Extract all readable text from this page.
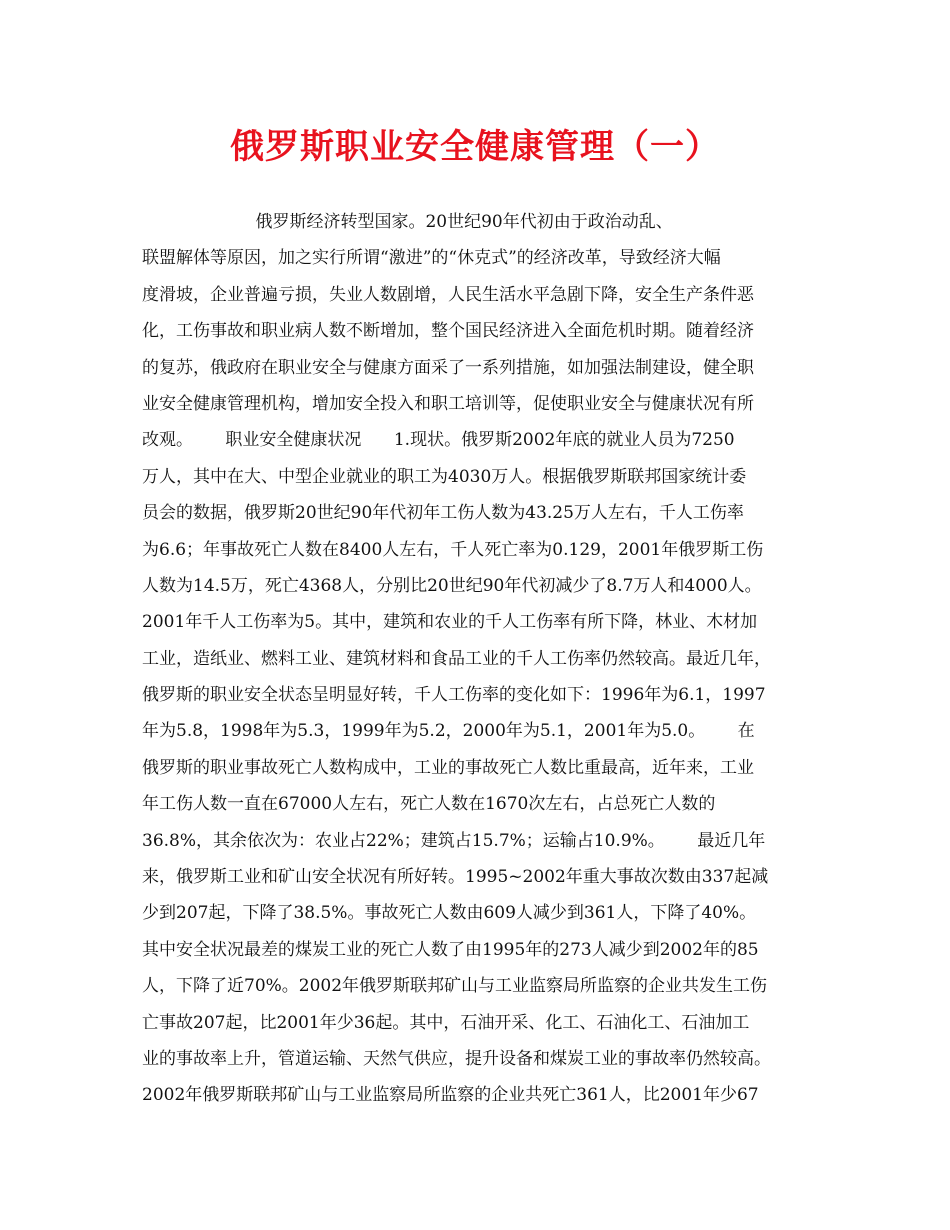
俄罗斯职业安全健康管理（一）
俄罗斯经济转型国家。20世纪90年代初由于政治动乱、
联盟解体等原因，加之实行所谓“激进”的“休克式”的经济改革，导致经济大幅
度滑坡，企业普遍亏损，失业人数剧增，人民生活水平急剧下降，安全生产条件恶
化，工伤事故和职业病人数不断增加，整个国民经济进入全面危机时期。随着经济
的复苏，俄政府在职业安全与健康方面采了一系列措施，如加强法制建设，健全职
业安全健康管理机构，增加安全投入和职工培训等，促使职业安全与健康状况有所
改观。      职业安全健康状况      1.现状。俄罗斯2002年底的就业人员为7250
万人，其中在大、中型企业就业的职工为4030万人。根据俄罗斯联邦国家统计委
员会的数据，俄罗斯20世纪90年代初年工伤人数为43.25万人左右，千人工伤率
为6.6；年事故死亡人数在8400人左右，千人死亡率为0.129，2001年俄罗斯工伤
人数为14.5万，死亡4368人，分别比20世纪90年代初减少了8.7万人和4000人。
2001年千人工伤率为5。其中，建筑和农业的千人工伤率有所下降，林业、木材加
工业，造纸业、燃料工业、建筑材料和食品工业的千人工伤率仍然较高。最近几年，
俄罗斯的职业安全状态呈明显好转，千人工伤率的变化如下：1996年为6.1，1997
年为5.8，1998年为5.3，1999年为5.2，2000年为5.1，2001年为5.0。      在
俄罗斯的职业事故死亡人数构成中，工业的事故死亡人数比重最高，近年来，工业
年工伤人数一直在67000人左右，死亡人数在1670次左右，占总死亡人数的
36.8%，其余依次为：农业占22%；建筑占15.7%；运输占10.9%。      最近几年
来，俄罗斯工业和矿山安全状况有所好转。1995~2002年重大事故次数由337起减
少到207起，下降了38.5%。事故死亡人数由609人减少到361人，下降了40%。
其中安全状况最差的煤炭工业的死亡人数了由1995年的273人减少到2002年的85
人，下降了近70%。2002年俄罗斯联邦矿山与工业监察局所监察的企业共发生工伤
亡事故207起，比2001年少36起。其中，石油开采、化工、石油化工、石油加工
业的事故率上升，管道运输、天然气供应，提升设备和煤炭工业的事故率仍然较高。
2002年俄罗斯联邦矿山与工业监察局所监察的企业共死亡361人，比2001年少67
